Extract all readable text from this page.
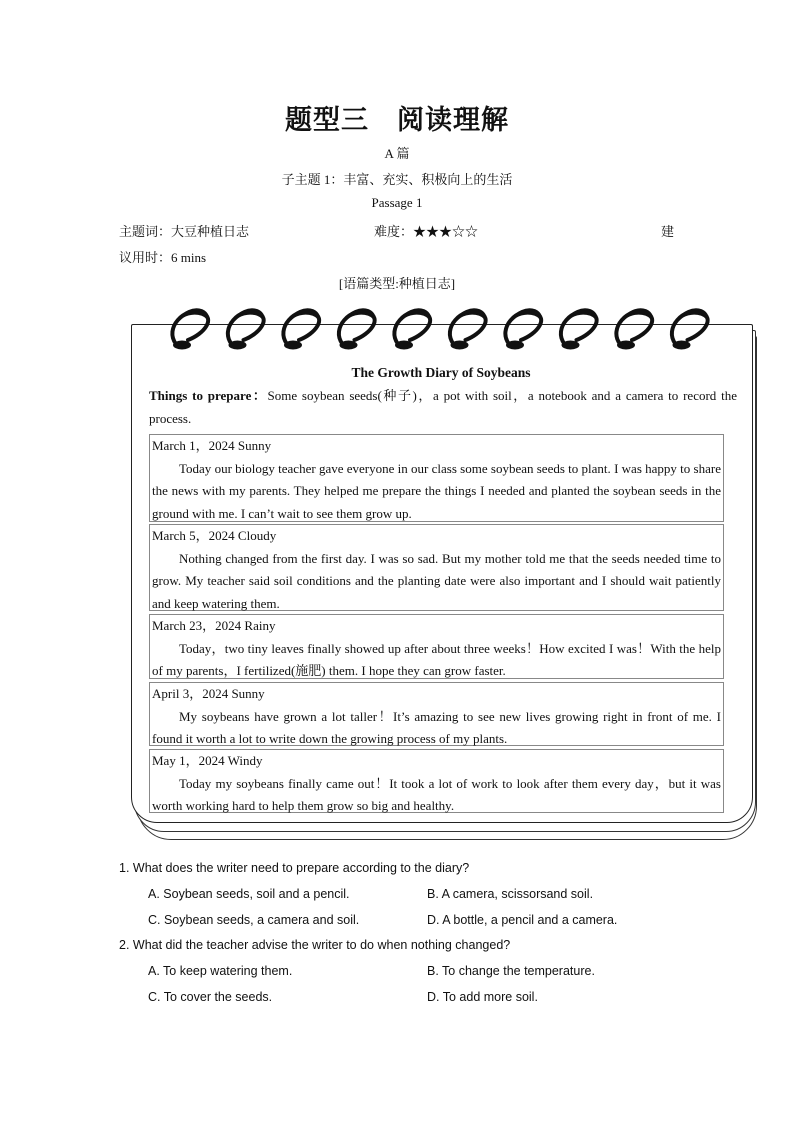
题型三　阅读理解
A 篇
子主题 1：丰富、充实、积极向上的生活
Passage 1
主题词：大豆种植日志	难度：★★★☆☆	建
议用时：6 mins
[语篇类型:种植日志]
The Growth Diary of Soybeans
Things to prepare：Some soybean seeds(种子)，a pot with soil，a notebook and a camera to record the process.
March 1，2024 Sunny
Today our biology teacher gave everyone in our class some soybean seeds to plant. I was happy to share the news with my parents. They helped me prepare the things I needed and planted the soybean seeds in the ground with me. I can’t wait to see them grow up.
March 5，2024 Cloudy
Nothing changed from the first day. I was so sad. But my mother told me that the seeds needed time to grow. My teacher said soil conditions and the planting date were also important and I should wait patiently and keep watering them.
March 23，2024 Rainy
Today，two tiny leaves finally showed up after about three weeks！How excited I was！With the help of my parents，I fertilized(施肥) them. I hope they can grow faster.
April 3，2024 Sunny
My soybeans have grown a lot taller！It’s amazing to see new lives growing right in front of me. I found it worth a lot to write down the growing process of my plants.
May 1，2024 Windy
Today my soybeans finally came out！It took a lot of work to look after them every day，but it was worth working hard to help them grow so big and healthy.
1. What does the writer need to prepare according to the diary?
A. Soybean seeds, soil and a pencil.	B. A camera, scissorsand soil.
C. Soybean seeds, a camera and soil.	D. A bottle, a pencil and a camera.
2. What did the teacher advise the writer to do when nothing changed?
A. To keep watering them.	B. To change the temperature.
C. To cover the seeds.	D. To add more soil.
